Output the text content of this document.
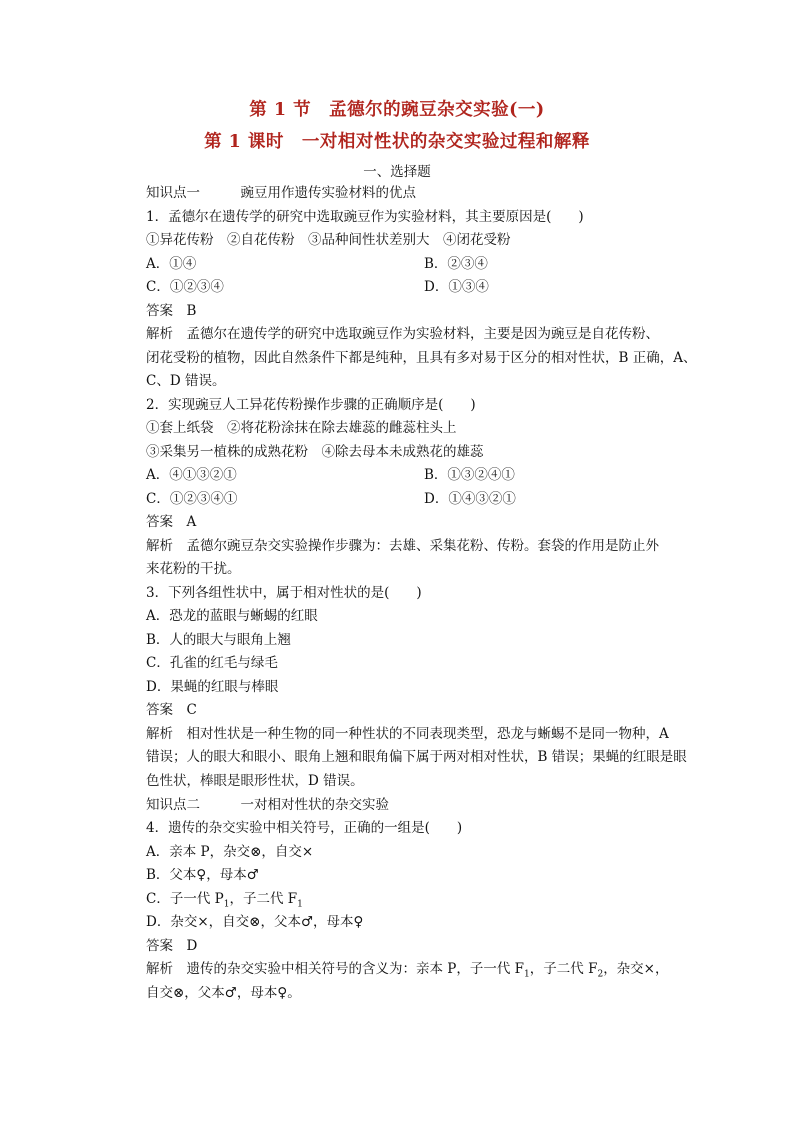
第 1 节　孟德尔的豌豆杂交实验(一)
第 1 课时　一对相对性状的杂交实验过程和解释
一、选择题
知识点一　　　豌豆用作遗传实验材料的优点
1．孟德尔在遗传学的研究中选取豌豆作为实验材料，其主要原因是(　　)
①异花传粉　②自花传粉　③品种间性状差别大　④闭花受粉
A．①④	B．②③④
C．①②③④	D．①③④
答案　B
解析　孟德尔在遗传学的研究中选取豌豆作为实验材料，主要是因为豌豆是自花传粉、
闭花受粉的植物，因此自然条件下都是纯种，且具有多对易于区分的相对性状，B 正确，A、
C、D 错误。
2．实现豌豆人工异花传粉操作步骤的正确顺序是(　　)
①套上纸袋　②将花粉涂抹在除去雄蕊的雌蕊柱头上
③采集另一植株的成熟花粉　④除去母本未成熟花的雄蕊
A．④①③②①	B．①③②④①
C．①②③④①	D．①④③②①
答案　A
解析　孟德尔豌豆杂交实验操作步骤为：去雄、采集花粉、传粉。套袋的作用是防止外
来花粉的干扰。
3．下列各组性状中，属于相对性状的是(　　)
A．恐龙的蓝眼与蜥蜴的红眼
B．人的眼大与眼角上翘
C．孔雀的红毛与绿毛
D．果蝇的红眼与棒眼
答案　C
解析　相对性状是一种生物的同一种性状的不同表现类型，恐龙与蜥蜴不是同一物种，A
错误；人的眼大和眼小、眼角上翘和眼角偏下属于两对相对性状，B 错误；果蝇的红眼是眼
色性状，棒眼是眼形性状，D 错误。
知识点二　　　一对相对性状的杂交实验
4．遗传的杂交实验中相关符号，正确的一组是(　　)
A．亲本 P，杂交⊗，自交×
B．父本♀，母本♂
C．子一代 $P_1$，子二代 $F_1$
D．杂交×，自交⊗，父本♂，母本♀
答案　D
解析　遗传的杂交实验中相关符号的含义为：亲本 P，子一代 $F_1$，子二代 $F_2$，杂交×，
自交⊗，父本♂，母本♀。
